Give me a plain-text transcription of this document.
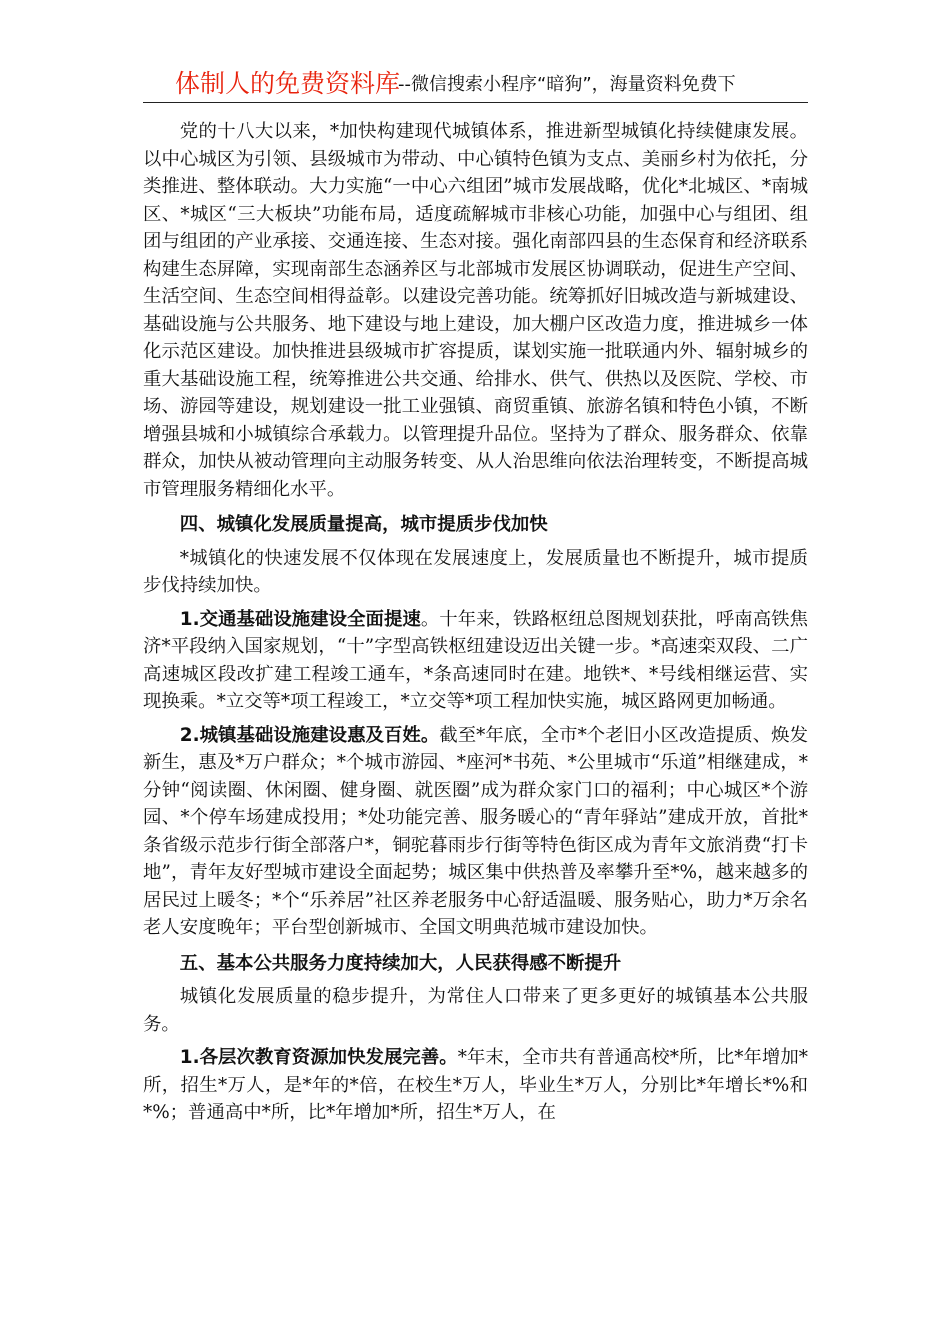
体制人的免费资料库
--微信搜索小程序“暗狗”，海量资料免费下

党的十八大以来，*加快构建现代城镇体系，推进新型城镇化持续健康发展。以中心城区为引领、县级城市为带动、中心镇特色镇为支点、美丽乡村为依托，分类推进、整体联动。大力实施“一中心六组团”城市发展战略，优化*北城区、*南城区、*城区“三大板块”功能布局，适度疏解城市非核心功能，加强中心与组团、组团与组团的产业承接、交通连接、生态对接。强化南部四县的生态保育和经济联系构建生态屏障，实现南部生态涵养区与北部城市发展区协调联动，促进生产空间、生活空间、生态空间相得益彰。以建设完善功能。统筹抓好旧城改造与新城建设、基础设施与公共服务、地下建设与地上建设，加大棚户区改造力度，推进城乡一体化示范区建设。加快推进县级城市扩容提质，谋划实施一批联通内外、辐射城乡的重大基础设施工程，统筹推进公共交通、给排水、供气、供热以及医院、学校、市场、游园等建设，规划建设一批工业强镇、商贸重镇、旅游名镇和特色小镇，不断增强县城和小城镇综合承载力。以管理提升品位。坚持为了群众、服务群众、依靠群众，加快从被动管理向主动服务转变、从人治思维向依法治理转变，不断提高城市管理服务精细化水平。

四、城镇化发展质量提高，城市提质步伐加快

*城镇化的快速发展不仅体现在发展速度上，发展质量也不断提升，城市提质步伐持续加快。

1.交通基础设施建设全面提速。十年来，铁路枢纽总图规划获批，呼南高铁焦济*平段纳入国家规划，“十”字型高铁枢纽建设迈出关键一步。*高速栾双段、二广高速城区段改扩建工程竣工通车，*条高速同时在建。地铁*、*号线相继运营、实现换乘。*立交等*项工程竣工，*立交等*项工程加快实施，城区路网更加畅通。

2.城镇基础设施建设惠及百姓。截至*年底，全市*个老旧小区改造提质、焕发新生，惠及*万户群众；*个城市游园、*座河*书苑、*公里城市“乐道”相继建成，*分钟“阅读圈、休闲圈、健身圈、就医圈”成为群众家门口的福利；中心城区*个游园、*个停车场建成投用；*处功能完善、服务暖心的“青年驿站”建成开放，首批*条省级示范步行街全部落户*，铜驼暮雨步行街等特色街区成为青年文旅消费“打卡地”，青年友好型城市建设全面起势；城区集中供热普及率攀升至*%，越来越多的居民过上暖冬；*个“乐养居”社区养老服务中心舒适温暖、服务贴心，助力*万余名老人安度晚年；平台型创新城市、全国文明典范城市建设加快。

五、基本公共服务力度持续加大，人民获得感不断提升

城镇化发展质量的稳步提升，为常住人口带来了更多更好的城镇基本公共服务。

1.各层次教育资源加快发展完善。*年末，全市共有普通高校*所，比*年增加*所，招生*万人，是*年的*倍，在校生*万人，毕业生*万人，分别比*年增长*%和*%；普通高中*所，比*年增加*所，招生*万人，在
